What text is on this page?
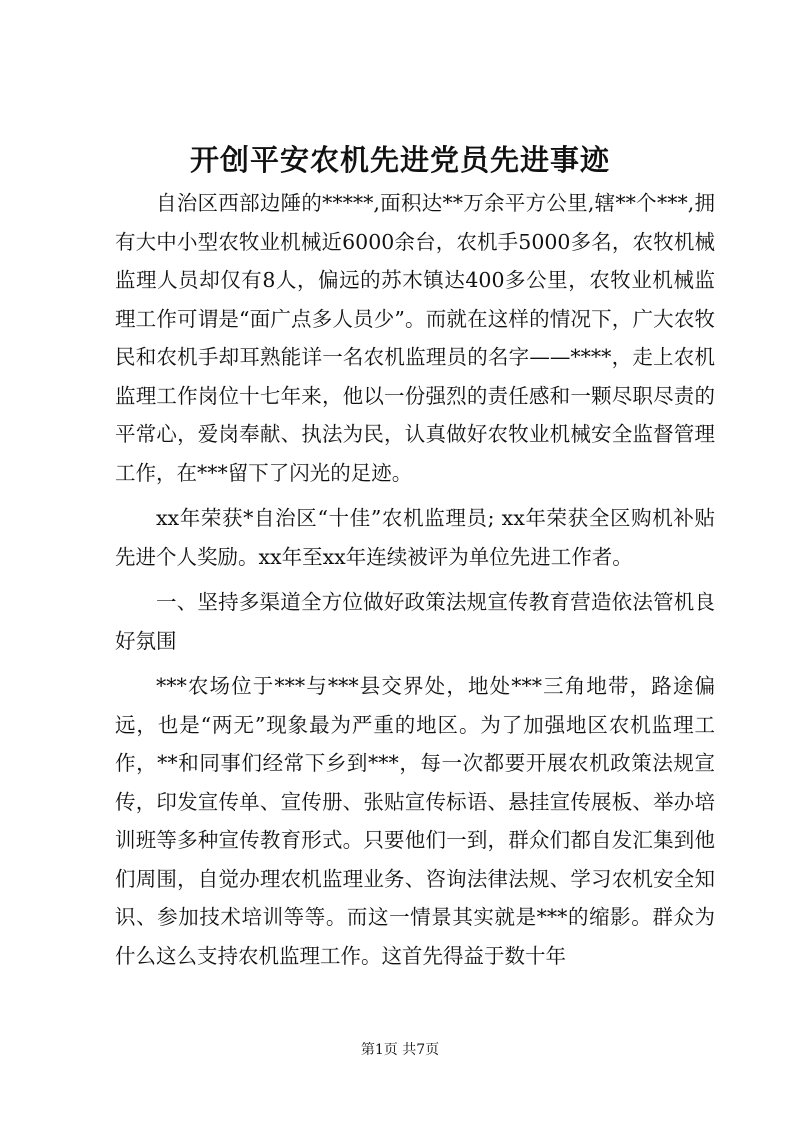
开创平安农机先进党员先进事迹

自治区西部边陲的*****,面积达**万余平方公里,辖**个***,拥有大中小型农牧业机械近6000余台，农机手5000多名，农牧机械监理人员却仅有8人，偏远的苏木镇达400多公里，农牧业机械监理工作可谓是“面广点多人员少”。而就在这样的情况下，广大农牧民和农机手却耳熟能详一名农机监理员的名字——****，走上农机监理工作岗位十七年来，他以一份强烈的责任感和一颗尽职尽责的平常心，爱岗奉献、执法为民，认真做好农牧业机械安全监督管理工作，在***留下了闪光的足迹。

xx年荣获*自治区“十佳”农机监理员; xx年荣获全区购机补贴先进个人奖励。xx年至xx年连续被评为单位先进工作者。

一、坚持多渠道全方位做好政策法规宣传教育营造依法管机良好氛围

***农场位于***与***县交界处，地处***三角地带，路途偏远，也是“两无”现象最为严重的地区。为了加强地区农机监理工作，**和同事们经常下乡到***，每一次都要开展农机政策法规宣传，印发宣传单、宣传册、张贴宣传标语、悬挂宣传展板、举办培训班等多种宣传教育形式。只要他们一到，群众们都自发汇集到他们周围，自觉办理农机监理业务、咨询法律法规、学习农机安全知识、参加技术培训等等。而这一情景其实就是***的缩影。群众为什么这么支持农机监理工作。这首先得益于数十年

第1页 共7页
